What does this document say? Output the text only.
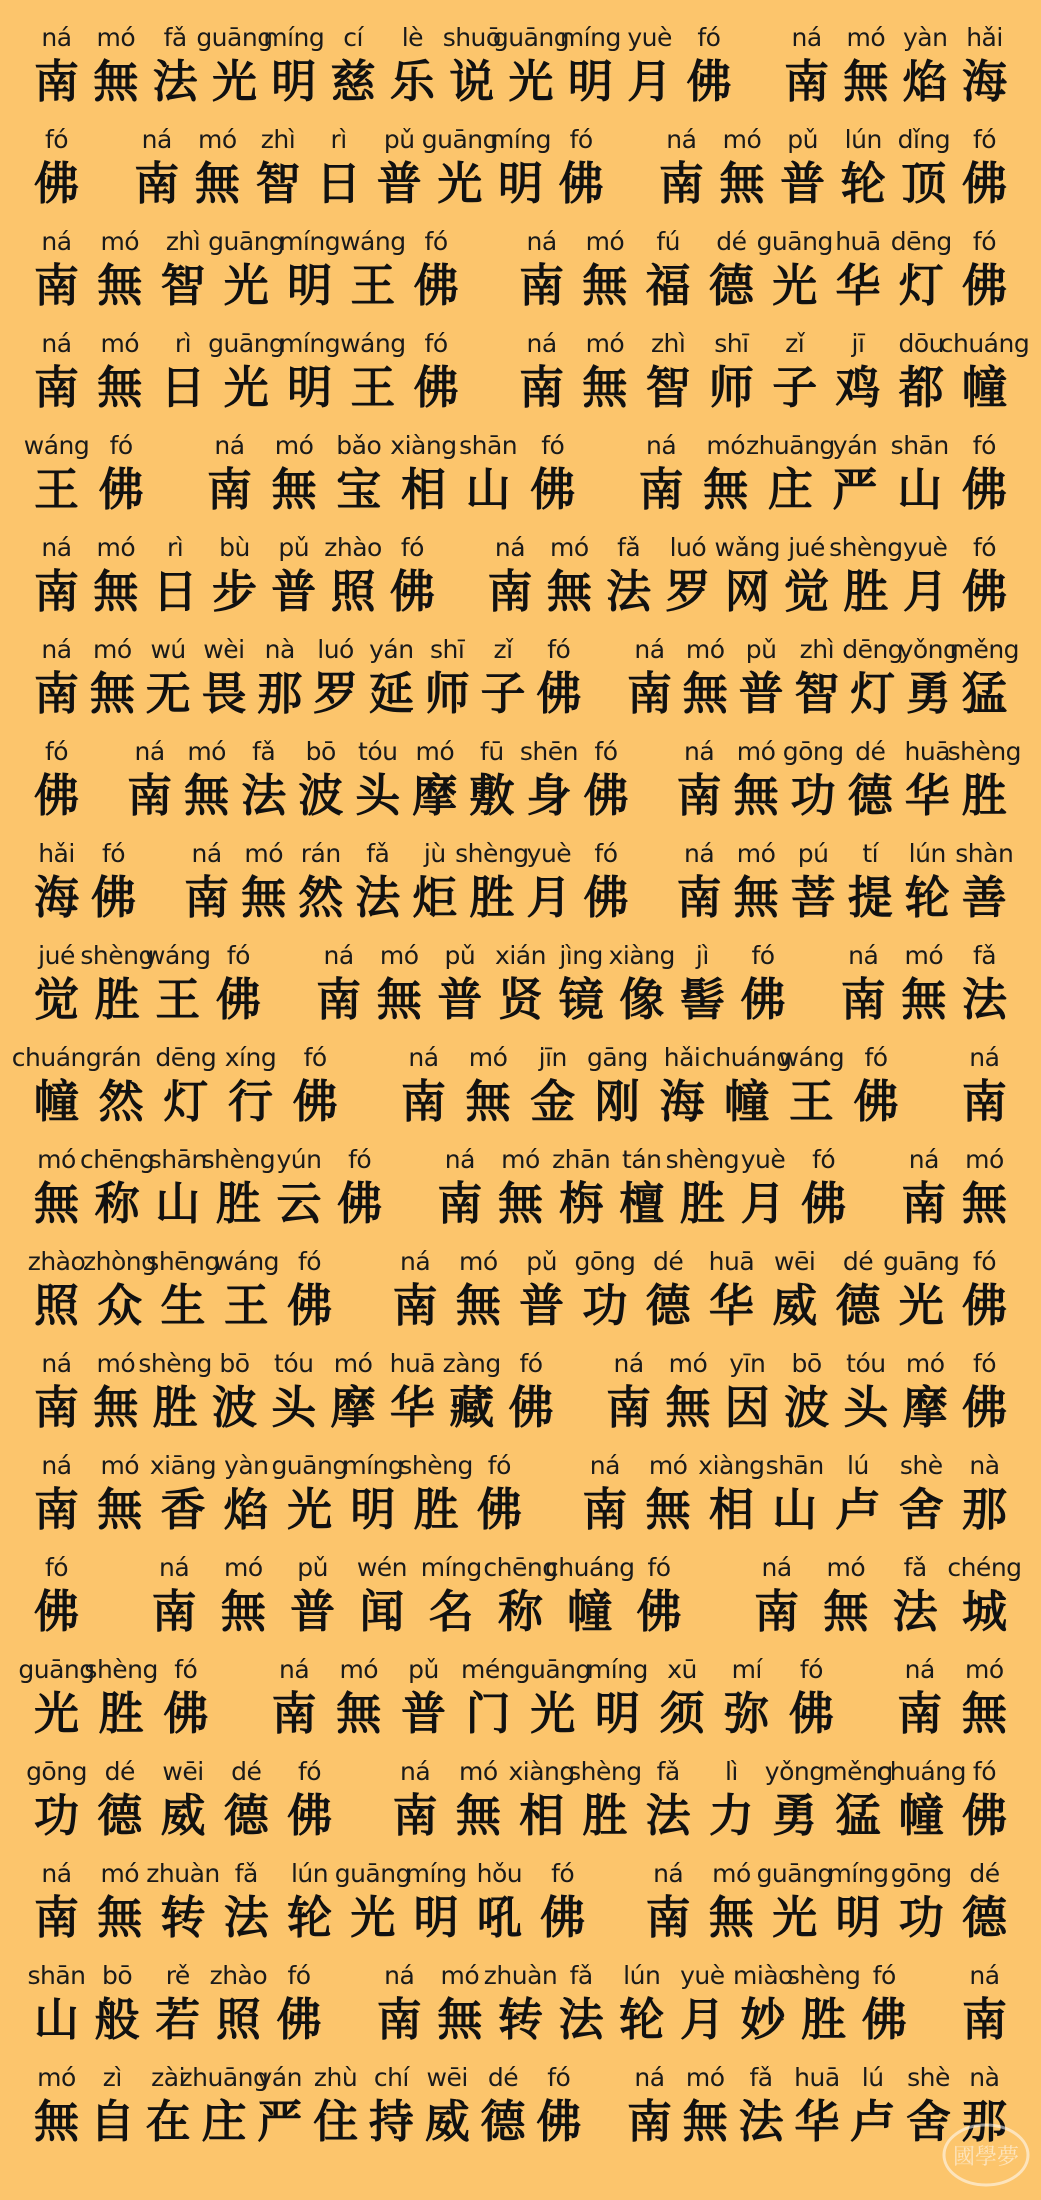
ná
南
mó
無
fǎ
法
guāng
光
míng
明
cí
慈
lè
乐
shuō
说
guāng
光
míng
明
yuè
月
fó
佛
ná
南
mó
無
yàn
焰
hǎi
海
fó
佛
ná
南
mó
無
zhì
智
rì
日
pǔ
普
guāng
光
míng
明
fó
佛
ná
南
mó
無
pǔ
普
lún
轮
dǐng
顶
fó
佛
ná
南
mó
無
zhì
智
guāng
光
míng
明
wáng
王
fó
佛
ná
南
mó
無
fú
福
dé
德
guāng
光
huā
华
dēng
灯
fó
佛
ná
南
mó
無
rì
日
guāng
光
míng
明
wáng
王
fó
佛
ná
南
mó
無
zhì
智
shī
师
zǐ
子
jī
鸡
dōu
都
chuáng
幢
wáng
王
fó
佛
ná
南
mó
無
bǎo
宝
xiàng
相
shān
山
fó
佛
ná
南
mó
無
zhuāng
庄
yán
严
shān
山
fó
佛
ná
南
mó
無
rì
日
bù
步
pǔ
普
zhào
照
fó
佛
ná
南
mó
無
fǎ
法
luó
罗
wǎng
网
jué
觉
shèng
胜
yuè
月
fó
佛
ná
南
mó
無
wú
无
wèi
畏
nà
那
luó
罗
yán
延
shī
师
zǐ
子
fó
佛
ná
南
mó
無
pǔ
普
zhì
智
dēng
灯
yǒng
勇
měng
猛
fó
佛
ná
南
mó
無
fǎ
法
bō
波
tóu
头
mó
摩
fū
敷
shēn
身
fó
佛
ná
南
mó
無
gōng
功
dé
德
huā
华
shèng
胜
hǎi
海
fó
佛
ná
南
mó
無
rán
然
fǎ
法
jù
炬
shèng
胜
yuè
月
fó
佛
ná
南
mó
無
pú
菩
tí
提
lún
轮
shàn
善
jué
觉
shèng
胜
wáng
王
fó
佛
ná
南
mó
無
pǔ
普
xián
贤
jìng
镜
xiàng
像
jì
髻
fó
佛
ná
南
mó
無
fǎ
法
chuáng
幢
rán
然
dēng
灯
xíng
行
fó
佛
ná
南
mó
無
jīn
金
gāng
刚
hǎi
海
chuáng
幢
wáng
王
fó
佛
ná
南
mó
無
chēng
称
shān
山
shèng
胜
yún
云
fó
佛
ná
南
mó
無
zhān
栴
tán
檀
shèng
胜
yuè
月
fó
佛
ná
南
mó
無
zhào
照
zhòng
众
shēng
生
wáng
王
fó
佛
ná
南
mó
無
pǔ
普
gōng
功
dé
德
huā
华
wēi
威
dé
德
guāng
光
fó
佛
ná
南
mó
無
shèng
胜
bō
波
tóu
头
mó
摩
huā
华
zàng
藏
fó
佛
ná
南
mó
無
yīn
因
bō
波
tóu
头
mó
摩
fó
佛
ná
南
mó
無
xiāng
香
yàn
焰
guāng
光
míng
明
shèng
胜
fó
佛
ná
南
mó
無
xiàng
相
shān
山
lú
卢
shè
舍
nà
那
fó
佛
ná
南
mó
無
pǔ
普
wén
闻
míng
名
chēng
称
chuáng
幢
fó
佛
ná
南
mó
無
fǎ
法
chéng
城
guāng
光
shèng
胜
fó
佛
ná
南
mó
無
pǔ
普
mén
门
guāng
光
míng
明
xū
须
mí
弥
fó
佛
ná
南
mó
無
gōng
功
dé
德
wēi
威
dé
德
fó
佛
ná
南
mó
無
xiàng
相
shèng
胜
fǎ
法
lì
力
yǒng
勇
měng
猛
chuáng
幢
fó
佛
ná
南
mó
無
zhuàn
转
fǎ
法
lún
轮
guāng
光
míng
明
hǒu
吼
fó
佛
ná
南
mó
無
guāng
光
míng
明
gōng
功
dé
德
shān
山
bō
般
rě
若
zhào
照
fó
佛
ná
南
mó
無
zhuàn
转
fǎ
法
lún
轮
yuè
月
miào
妙
shèng
胜
fó
佛
ná
南
mó
無
zì
自
zài
在
zhuāng
庄
yán
严
zhù
住
chí
持
wēi
威
dé
德
fó
佛
ná
南
mó
無
fǎ
法
huā
华
lú
卢
shè
舍
nà
那
國學夢
